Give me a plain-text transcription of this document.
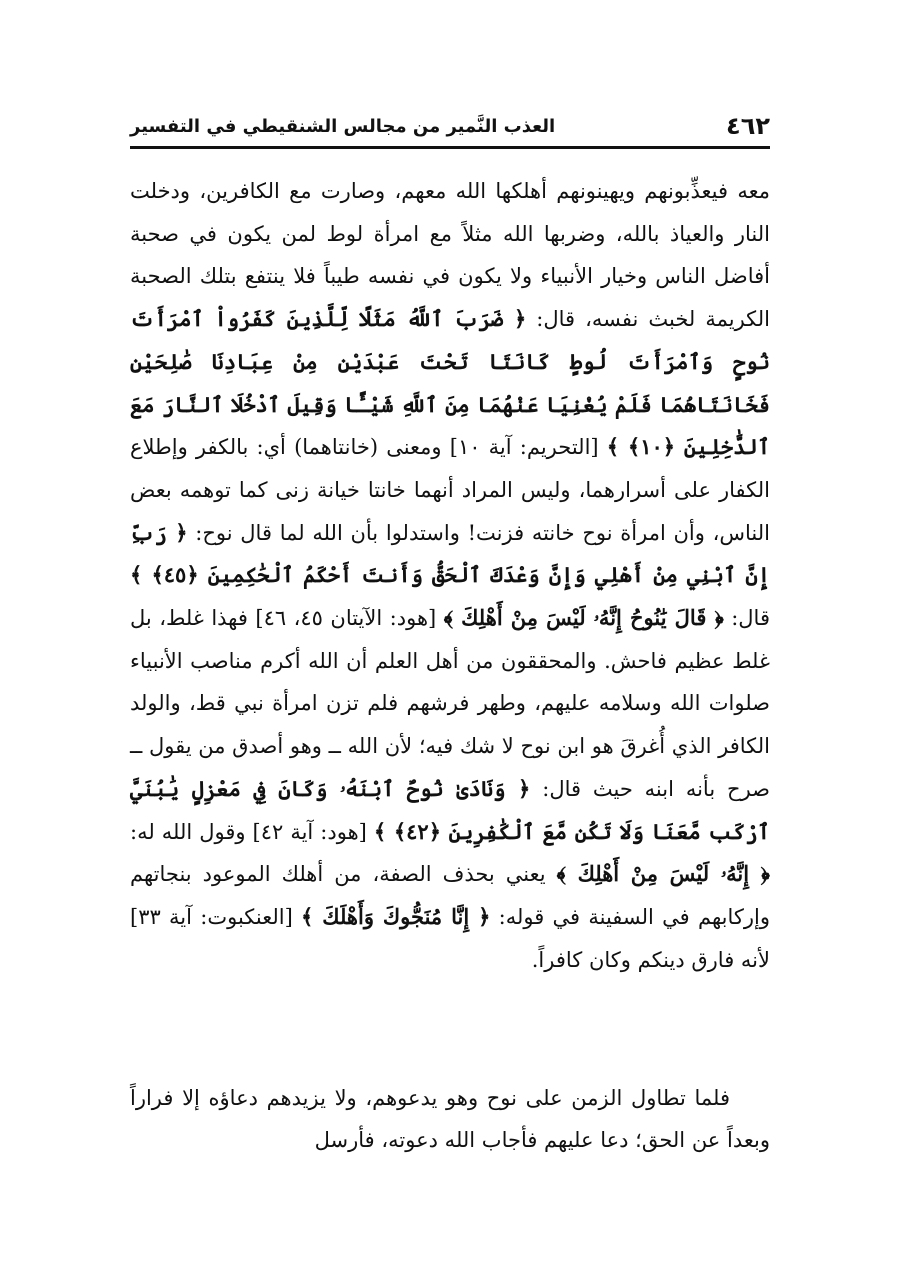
٤٦٢
العذب النَّمير من مجالس الشنقيطي في التفسير

معه فيعذِّبونهم ويهينونهم أهلكها الله معهم، وصارت مع الكافرين، ودخلت النار والعياذ بالله، وضربها الله مثلاً مع امرأة لوط لمن يكون في صحبة أفاضل الناس وخيار الأنبياء ولا يكون في نفسه طيباً فلا ينتفع بتلك الصحبة الكريمة لخبث نفسه، قال: ﴿ ضَرَبَ ٱللَّهُ مَثَلًا لِّلَّذِينَ كَفَرُواْ ٱمْرَأَتَ نُوحٍ وَٱمْرَأَتَ لُوطٍ كَانَتَا تَحْتَ عَبْدَيْنِ مِنْ عِبَادِنَا صَٰلِحَيْنِ فَخَانَتَاهُمَا فَلَمْ يُغْنِيَا عَنْهُمَا مِنَ ٱللَّهِ شَيْـًٔا وَقِيلَ ٱدْخُلَا ٱلنَّارَ مَعَ ٱلدَّٰخِلِينَ ﴿١٠﴾ ﴾ [التحريم: آية ١٠] ومعنى (خانتاهما) أي: بالكفر وإطلاع الكفار على أسرارهما، وليس المراد أنهما خانتا خيانة زنى كما توهمه بعض الناس، وأن امرأة نوح خانته فزنت! واستدلوا بأن الله لما قال نوح: ﴿ رَبِّ إِنَّ ٱبْنِي مِنْ أَهْلِي وَإِنَّ وَعْدَكَ ٱلْحَقُّ وَأَنتَ أَحْكَمُ ٱلْحَٰكِمِينَ ﴿٤٥﴾ ﴾ قال: ﴿ قَالَ يَٰنُوحُ إِنَّهُۥ لَيْسَ مِنْ أَهْلِكَ ﴾ [هود: الآيتان ٤٥، ٤٦] فهذا غلط، بل غلط عظيم فاحش. والمحققون من أهل العلم أن الله أكرم مناصب الأنبياء صلوات الله وسلامه عليهم، وطهر فرشهم فلم تزن امرأة نبي قط، والولد الكافر الذي أُغرقَ هو ابن نوح لا شك فيه؛ لأن الله ــ وهو أصدق من يقول ــ صرح بأنه ابنه حيث قال: ﴿ وَنَادَىٰ نُوحٌ ٱبْنَهُۥ وَكَانَ فِي مَعْزِلٍ يَٰبُنَيَّ ٱرْكَب مَّعَنَا وَلَا تَكُن مَّعَ ٱلْكَٰفِرِينَ ﴿٤٢﴾ ﴾ [هود: آية ٤٢] وقول الله له: ﴿ إِنَّهُۥ لَيْسَ مِنْ أَهْلِكَ ﴾ يعني بحذف الصفة، من أهلك الموعود بنجاتهم وإركابهم في السفينة في قوله: ﴿ إِنَّا مُنَجُّوكَ وَأَهْلَكَ ﴾ [العنكبوت: آية ٣٣] لأنه فارق دينكم وكان كافراً.

فلما تطاول الزمن على نوح وهو يدعوهم، ولا يزيدهم دعاؤه إلا فراراً وبعداً عن الحق؛ دعا عليهم فأجاب الله دعوته، فأرسل
